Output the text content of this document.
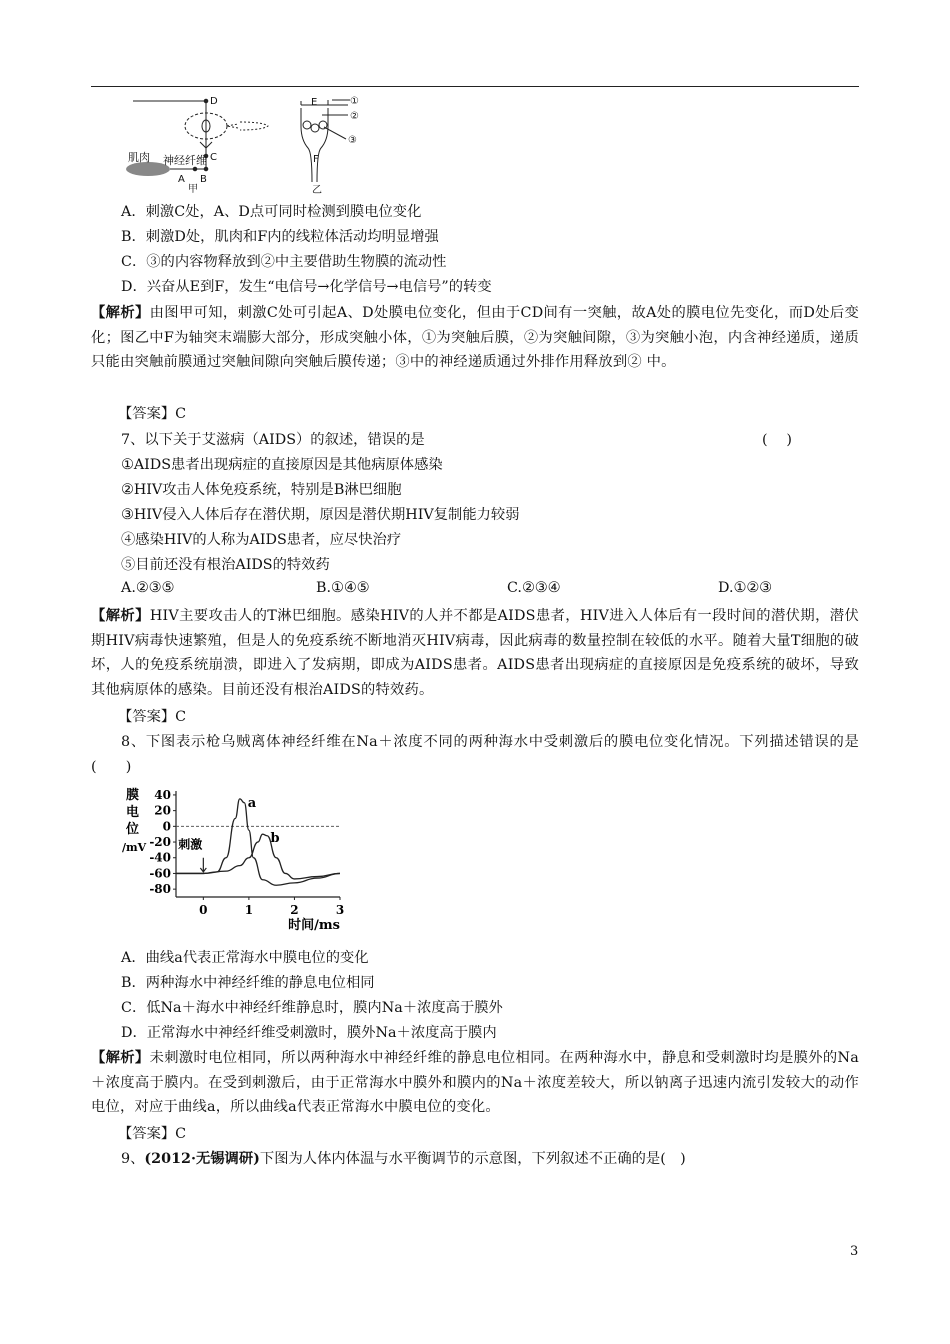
D
C
肌肉 神经纤维
A B
甲
E
F
乙
①
②
③
A．刺激C处，A、D点可同时检测到膜电位变化
B．刺激D处，肌肉和F内的线粒体活动均明显增强
C．③的内容物释放到②中主要借助生物膜的流动性
D．兴奋从E到F，发生“电信号→化学信号→电信号”的转变
【解析】由图甲可知，刺激C处可引起A、D处膜电位变化，但由于CD间有一突触，故A处的膜电位先变化，而D处后变化；图乙中F为轴突末端膨大部分，形成突触小体，①为突触后膜，②为突触间隙，③为突触小泡，内含神经递质，递质只能由突触前膜通过突触间隙向突触后膜传递；③中的神经递质通过外排作用释放到② 中。
【答案】C
7、以下关于艾滋病（AIDS）的叙述，错误的是	(　 )
①AIDS患者出现病症的直接原因是其他病原体感染
②HIV攻击人体免疫系统，特别是B淋巴细胞
③HIV侵入人体后存在潜伏期，原因是潜伏期HIV复制能力较弱
④感染HIV的人称为AIDS患者，应尽快治疗
⑤目前还没有根治AIDS的特效药
A.②③⑤	B.①④⑤	C.②③④	D.①②③
【解析】HIV主要攻击人的T淋巴细胞。感染HIV的人并不都是AIDS患者，HIV进入人体后有一段时间的潜伏期，潜伏期HIV病毒快速繁殖，但是人的免疫系统不断地消灭HIV病毒，因此病毒的数量控制在较低的水平。随着大量T细胞的破坏，人的免疫系统崩溃，即进入了发病期，即成为AIDS患者。AIDS患者出现病症的直接原因是免疫系统的破坏，导致其他病原体的感染。目前还没有根治AIDS的特效药。
【答案】C
8、下图表示枪乌贼离体神经纤维在Na＋浓度不同的两种海水中受刺激后的膜电位变化情况。下列描述错误的是(　　)
40
20
0
-20
-40
-60
-80
0	1	2	3
膜电位/mV
时间/ms
刺激
a
b
A．曲线a代表正常海水中膜电位的变化
B．两种海水中神经纤维的静息电位相同
C．低Na＋海水中神经纤维静息时，膜内Na＋浓度高于膜外
D．正常海水中神经纤维受刺激时，膜外Na＋浓度高于膜内
【解析】未刺激时电位相同，所以两种海水中神经纤维的静息电位相同。在两种海水中，静息和受刺激时均是膜外的Na＋浓度高于膜内。在受到刺激后，由于正常海水中膜外和膜内的Na＋浓度差较大，所以钠离子迅速内流引发较大的动作电位，对应于曲线a，所以曲线a代表正常海水中膜电位的变化。
【答案】C
9、(2012·无锡调研)下图为人体内体温与水平衡调节的示意图，下列叙述不正确的是(　)
3
